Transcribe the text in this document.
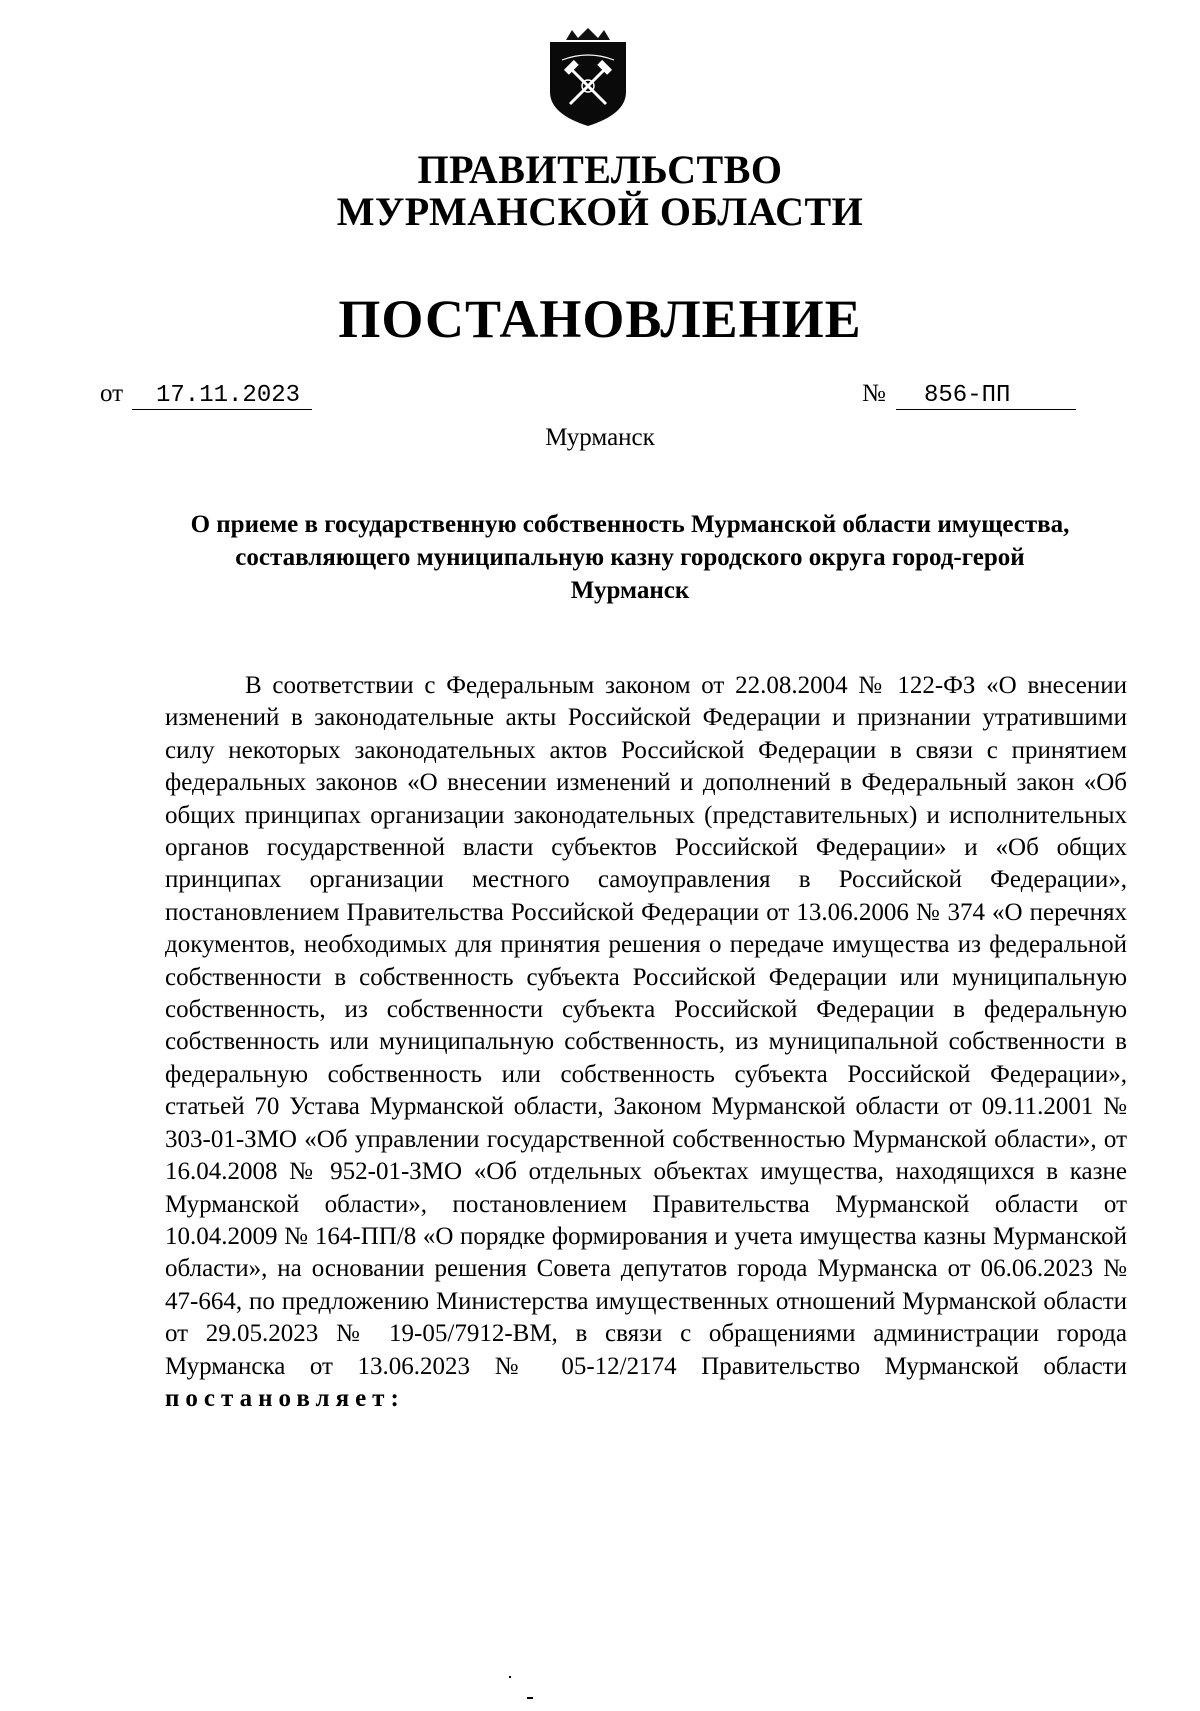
ПРАВИТЕЛЬСТВО
МУРМАНСКОЙ ОБЛАСТИ
ПОСТАНОВЛЕНИЕ
от 17.11.2023	№ 856-ПП
Мурманск
О приеме в государственную собственность Мурманской области имущества, составляющего муниципальную казну городского округа город-герой Мурманск

В соответствии с Федеральным законом от 22.08.2004 № 122-ФЗ «О внесении изменений в законодательные акты Российской Федерации и признании утратившими силу некоторых законодательных актов Российской Федерации в связи с принятием федеральных законов «О внесении изменений и дополнений в Федеральный закон «Об общих принципах организации законодательных (представительных) и исполнительных органов государственной власти субъектов Российской Федерации» и «Об общих принципах организации местного самоуправления в Российской Федерации», постановлением Правительства Российской Федерации от 13.06.2006 № 374 «О перечнях документов, необходимых для принятия решения о передаче имущества из федеральной собственности в собственность субъекта Российской Федерации или муниципальную собственность, из собственности субъекта Российской Федерации в федеральную собственность или муниципальную собственность, из муниципальной собственности в федеральную собственность или собственность субъекта Российской Федерации», статьей 70 Устава Мурманской области, Законом Мурманской области от 09.11.2001 № 303-01-ЗМО «Об управлении государственной собственностью Мурманской области», от 16.04.2008 № 952-01-ЗМО «Об отдельных объектах имущества, находящихся в казне Мурманской области», постановлением Правительства Мурманской области от 10.04.2009 № 164-ПП/8 «О порядке формирования и учета имущества казны Мурманской области», на основании решения Совета депутатов города Мурманска от 06.06.2023 № 47-664, по предложению Министерства имущественных отношений Мурманской области от 29.05.2023 № 19-05/7912-ВМ, в связи с обращениями администрации города Мурманска от 13.06.2023 № 05-12/2174 Правительство Мурманской области постановляет:
